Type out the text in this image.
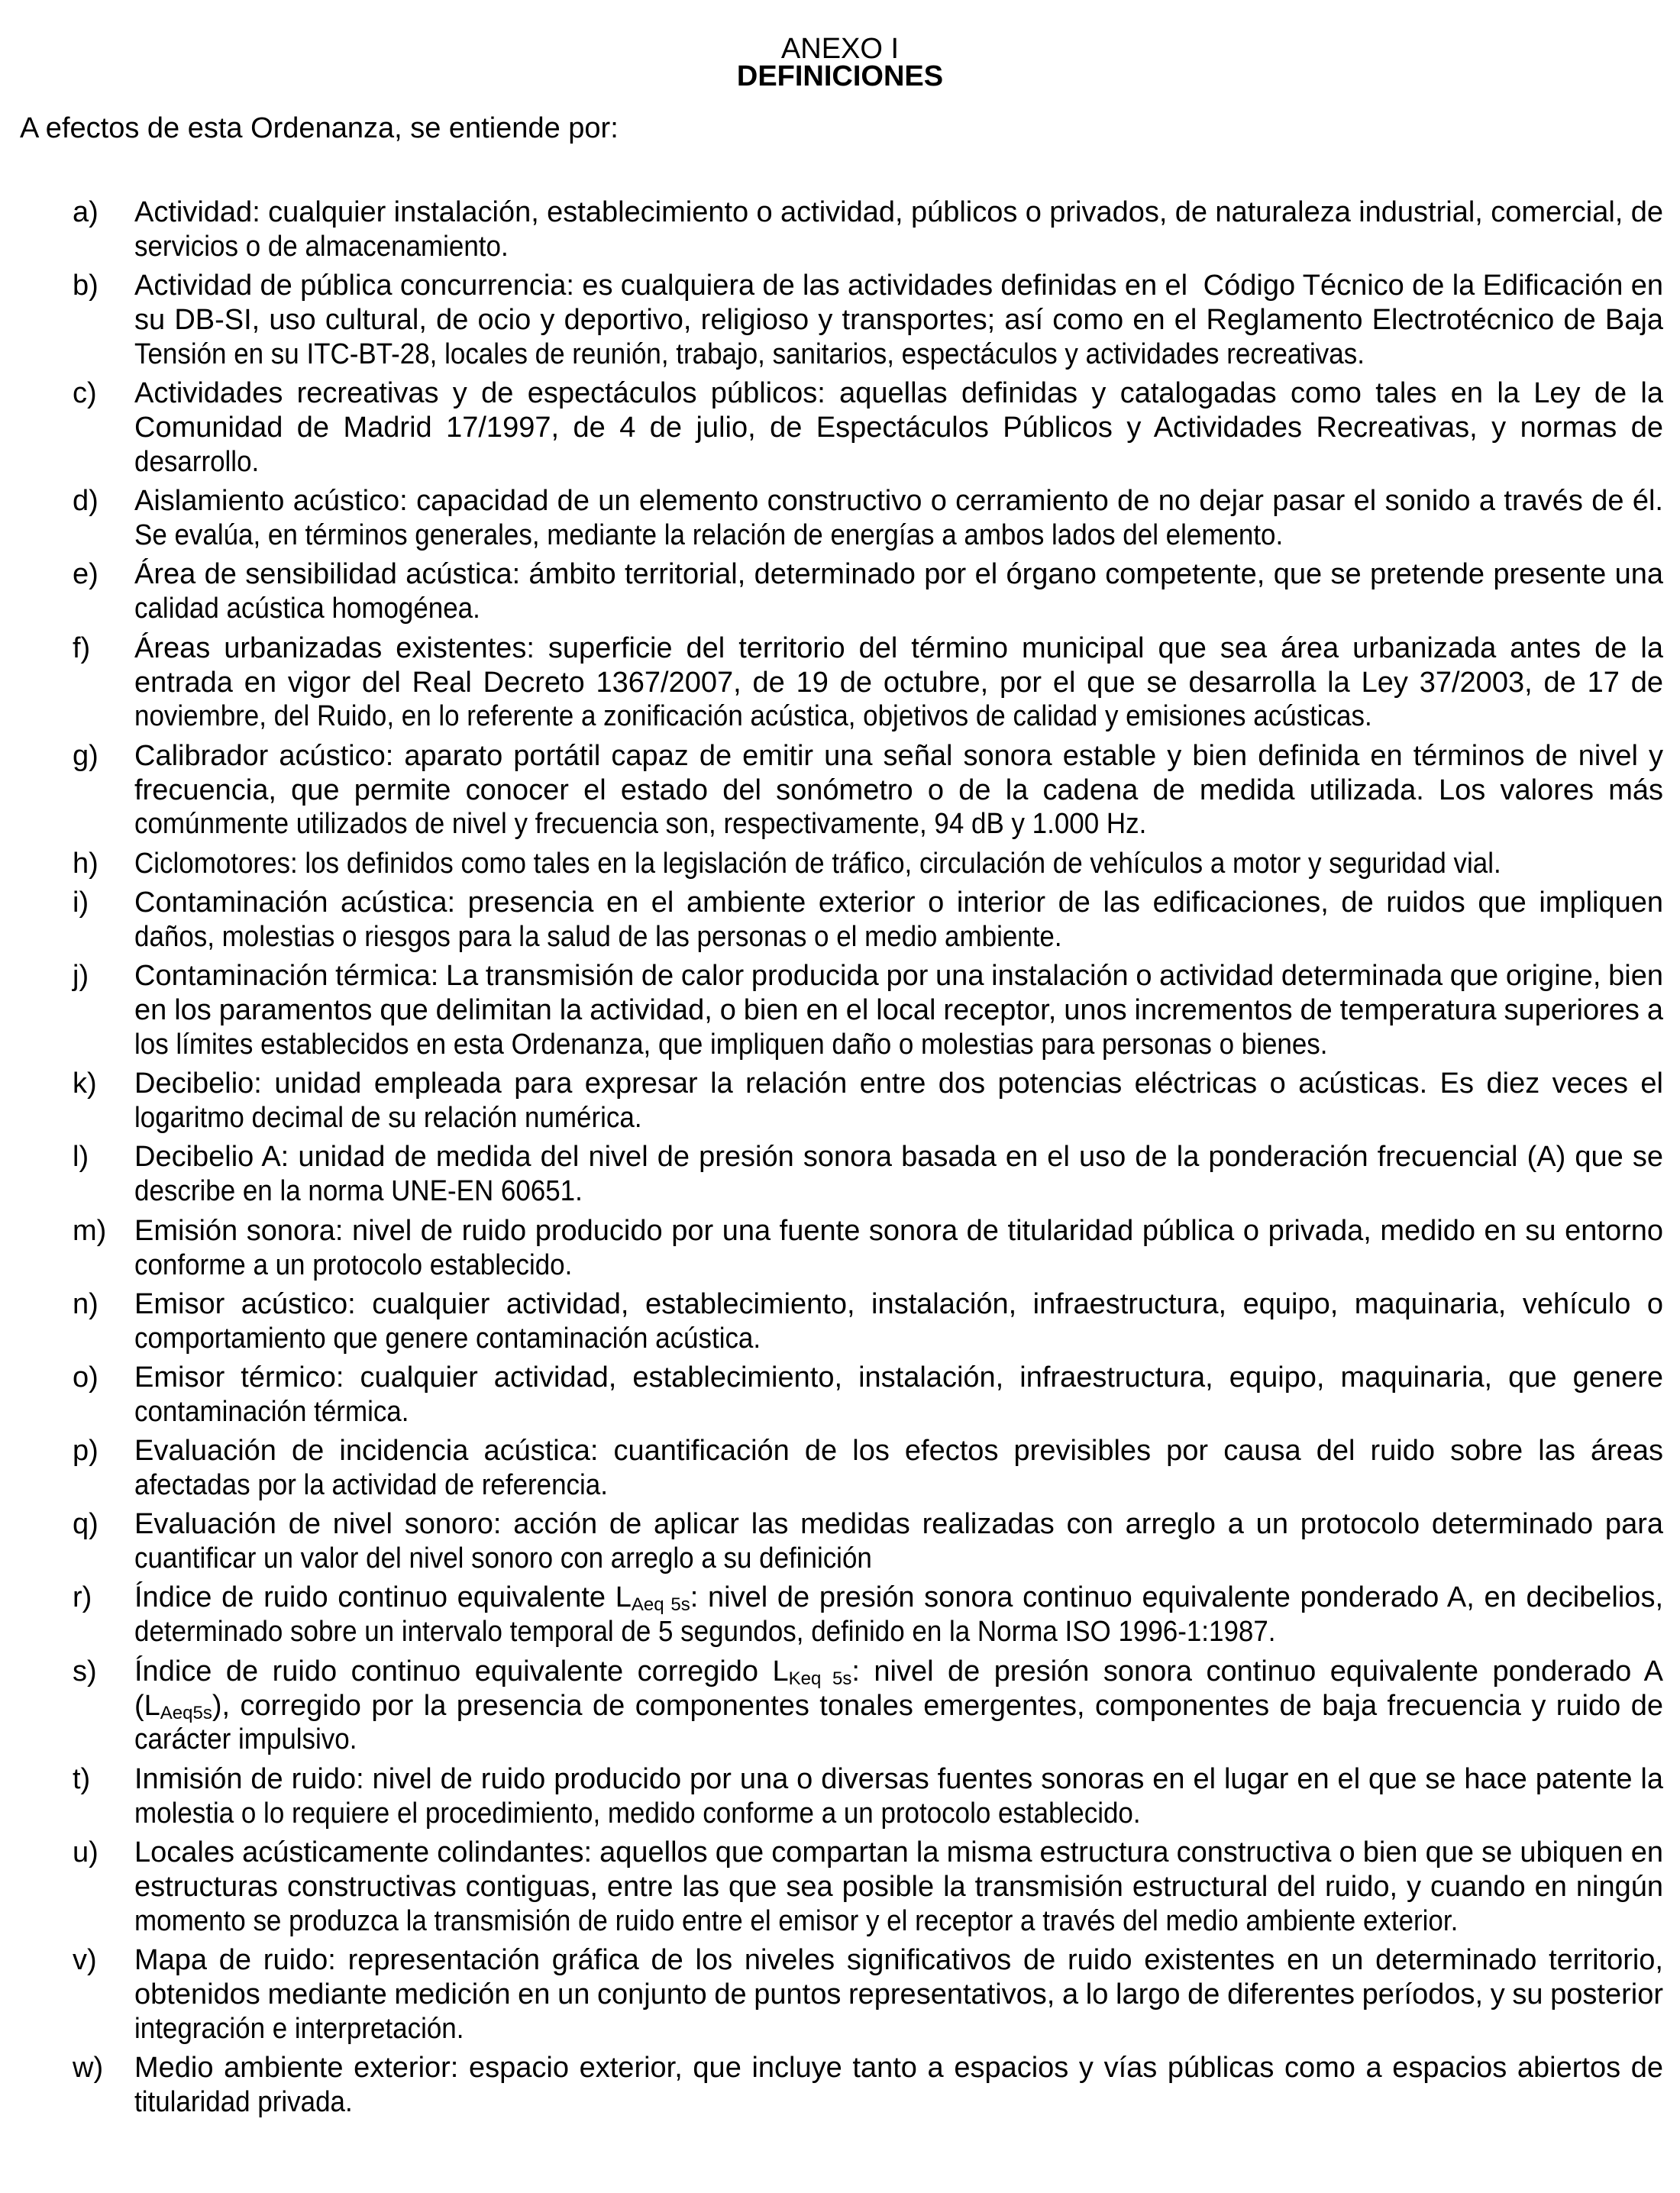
ANEXO I
DEFINICIONES
A efectos de esta Ordenanza, se entiende por:
a) Actividad: cualquier instalación, establecimiento o actividad, públicos o privados, de naturaleza industrial, comercial, de
servicios o de almacenamiento.
b) Actividad de pública concurrencia: es cualquiera de las actividades definidas en el  Código Técnico de la Edificación en
su DB-SI, uso cultural, de ocio y deportivo, religioso y transportes; así como en el Reglamento Electrotécnico de Baja
Tensión en su ITC-BT-28, locales de reunión, trabajo, sanitarios, espectáculos y actividades recreativas.
c) Actividades recreativas y de espectáculos públicos: aquellas definidas y catalogadas como tales en la Ley de la
Comunidad de Madrid 17/1997, de 4 de julio, de Espectáculos Públicos y Actividades Recreativas, y normas de
desarrollo.
d) Aislamiento acústico: capacidad de un elemento constructivo o cerramiento de no dejar pasar el sonido a través de él.
Se evalúa, en términos generales, mediante la relación de energías a ambos lados del elemento.
e) Área de sensibilidad acústica: ámbito territorial, determinado por el órgano competente, que se pretende presente una
calidad acústica homogénea.
f) Áreas urbanizadas existentes: superficie del territorio del término municipal que sea área urbanizada antes de la
entrada en vigor del Real Decreto 1367/2007, de 19 de octubre, por el que se desarrolla la Ley 37/2003, de 17 de
noviembre, del Ruido, en lo referente a zonificación acústica, objetivos de calidad y emisiones acústicas.
g) Calibrador acústico: aparato portátil capaz de emitir una señal sonora estable y bien definida en términos de nivel y
frecuencia, que permite conocer el estado del sonómetro o de la cadena de medida utilizada. Los valores más
comúnmente utilizados de nivel y frecuencia son, respectivamente, 94 dB y 1.000 Hz.
h) Ciclomotores: los definidos como tales en la legislación de tráfico, circulación de vehículos a motor y seguridad vial.
i) Contaminación acústica: presencia en el ambiente exterior o interior de las edificaciones, de ruidos que impliquen
daños, molestias o riesgos para la salud de las personas o el medio ambiente.
j) Contaminación térmica: La transmisión de calor producida por una instalación o actividad determinada que origine, bien
en los paramentos que delimitan la actividad, o bien en el local receptor, unos incrementos de temperatura superiores a
los límites establecidos en esta Ordenanza, que impliquen daño o molestias para personas o bienes.
k) Decibelio: unidad empleada para expresar la relación entre dos potencias eléctricas o acústicas. Es diez veces el
logaritmo decimal de su relación numérica.
l) Decibelio A: unidad de medida del nivel de presión sonora basada en el uso de la ponderación frecuencial (A) que se
describe en la norma UNE-EN 60651.
m) Emisión sonora: nivel de ruido producido por una fuente sonora de titularidad pública o privada, medido en su entorno
conforme a un protocolo establecido.
n) Emisor acústico: cualquier actividad, establecimiento, instalación, infraestructura, equipo, maquinaria, vehículo o
comportamiento que genere contaminación acústica.
o) Emisor térmico: cualquier actividad, establecimiento, instalación, infraestructura, equipo, maquinaria, que genere
contaminación térmica.
p) Evaluación de incidencia acústica: cuantificación de los efectos previsibles por causa del ruido sobre las áreas
afectadas por la actividad de referencia.
q) Evaluación de nivel sonoro: acción de aplicar las medidas realizadas con arreglo a un protocolo determinado para
cuantificar un valor del nivel sonoro con arreglo a su definición
r) Índice de ruido continuo equivalente $L_{Aeq 5s}$: nivel de presión sonora continuo equivalente ponderado A, en decibelios,
determinado sobre un intervalo temporal de 5 segundos, definido en la Norma ISO 1996-1:1987.
s) Índice de ruido continuo equivalente corregido $L_{Keq 5s}$: nivel de presión sonora continuo equivalente ponderado A
$(L_{Aeq5s})$, corregido por la presencia de componentes tonales emergentes, componentes de baja frecuencia y ruido de
carácter impulsivo.
t) Inmisión de ruido: nivel de ruido producido por una o diversas fuentes sonoras en el lugar en el que se hace patente la
molestia o lo requiere el procedimiento, medido conforme a un protocolo establecido.
u) Locales acústicamente colindantes: aquellos que compartan la misma estructura constructiva o bien que se ubiquen en
estructuras constructivas contiguas, entre las que sea posible la transmisión estructural del ruido, y cuando en ningún
momento se produzca la transmisión de ruido entre el emisor y el receptor a través del medio ambiente exterior.
v) Mapa de ruido: representación gráfica de los niveles significativos de ruido existentes en un determinado territorio,
obtenidos mediante medición en un conjunto de puntos representativos, a lo largo de diferentes períodos, y su posterior
integración e interpretación.
w) Medio ambiente exterior: espacio exterior, que incluye tanto a espacios y vías públicas como a espacios abiertos de
titularidad privada.
